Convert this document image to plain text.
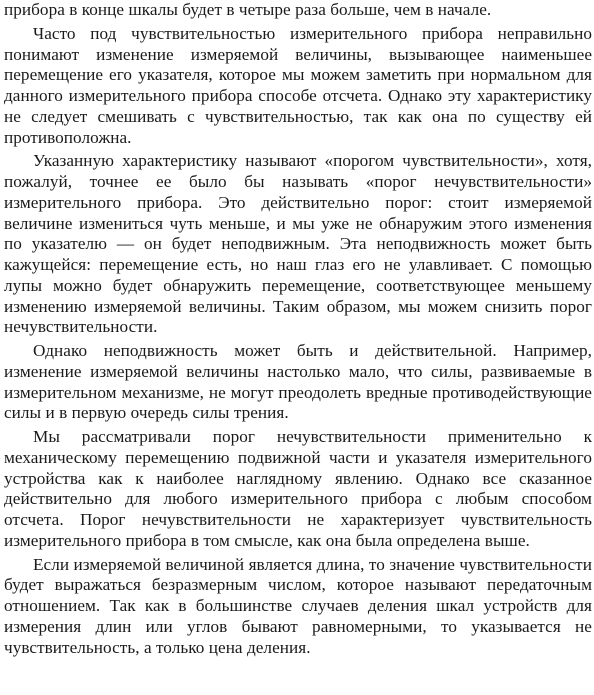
прибора в конце шкалы будет в четыре раза больше, чем в начале.

Часто под чувствительностью измерительного прибора неправильно понимают изменение измеряемой величины, вызывающее наименьшее перемещение его указателя, которое мы можем заметить при нормальном для данного измерительного прибора способе отсчета. Однако эту характеристику не следует смешивать с чувствительностью, так как она по существу ей противоположна.

Указанную характеристику называют «порогом чувствительности», хотя, пожалуй, точнее ее было бы называть «порог нечувствительности» измерительного прибора. Это действительно порог: стоит измеряемой величине измениться чуть меньше, и мы уже не обнаружим этого изменения по указателю — он будет неподвижным. Эта неподвижность может быть кажущейся: перемещение есть, но наш глаз его не улавливает. С помощью лупы можно будет обнаружить перемещение, соответствующее меньшему изменению измеряемой величины. Таким образом, мы можем снизить порог нечувствительности.

Однако неподвижность может быть и действительной. Например, изменение измеряемой величины настолько мало, что силы, развиваемые в измерительном механизме, не могут преодолеть вредные противодействующие силы и в первую очередь силы трения.

Мы рассматривали порог нечувствительности применительно к механическому перемещению подвижной части и указателя измерительного устройства как к наиболее наглядному явлению. Однако все сказанное действительно для любого измерительного прибора с любым способом отсчета. Порог нечувствительности не характеризует чувствительность измерительного прибора в том смысле, как она была определена выше.

Если измеряемой величиной является длина, то значение чувствительности будет выражаться безразмерным числом, которое называют передаточным отношением. Так как в большинстве случаев деления шкал устройств для измерения длин или углов бывают равномерными, то указывается не чувствительность, а только цена деления.
